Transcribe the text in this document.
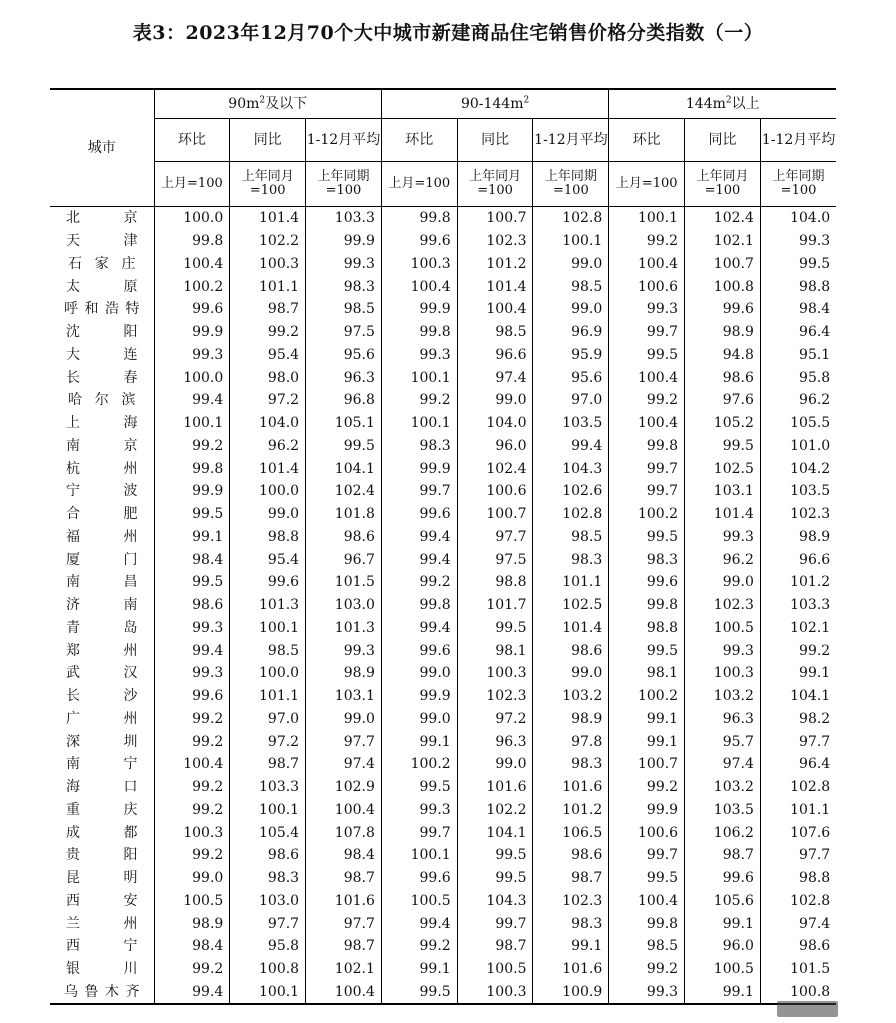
表3：2023年12月70个大中城市新建商品住宅销售价格分类指数（一）
城市	$90m^2$及以下			$90-144m^2$			$144m^2$以上		
	环比	同比	1-12月平均	环比	同比	1-12月平均	环比	同比	1-12月平均
	上月=100	上年同月=100	上年同期=100	上月=100	上年同月=100	上年同期=100	上月=100	上年同月=100	上年同期=100

北 京	100.0	101.4	103.3	99.8	100.7	102.8	100.1	102.4	104.0

天 津	99.8	102.2	99.9	99.6	102.3	100.1	99.2	102.1	99.3

石 家 庄	100.4	100.3	99.3	100.3	101.2	99.0	100.4	100.7	99.5

太 原	100.2	101.1	98.3	100.4	101.4	98.5	100.6	100.8	98.8

呼 和 浩 特	99.6	98.7	98.5	99.9	100.4	99.0	99.3	99.6	98.4

沈 阳	99.9	99.2	97.5	99.8	98.5	96.9	99.7	98.9	96.4

大 连	99.3	95.4	95.6	99.3	96.6	95.9	99.5	94.8	95.1

长 春	100.0	98.0	96.3	100.1	97.4	95.6	100.4	98.6	95.8

哈 尔 滨	99.4	97.2	96.8	99.2	99.0	97.0	99.2	97.6	96.2

上 海	100.1	104.0	105.1	100.1	104.0	103.5	100.4	105.2	105.5

南 京	99.2	96.2	99.5	98.3	96.0	99.4	99.8	99.5	101.0

杭 州	99.8	101.4	104.1	99.9	102.4	104.3	99.7	102.5	104.2

宁 波	99.9	100.0	102.4	99.7	100.6	102.6	99.7	103.1	103.5

合 肥	99.5	99.0	101.8	99.6	100.7	102.8	100.2	101.4	102.3

福 州	99.1	98.8	98.6	99.4	97.7	98.5	99.5	99.3	98.9

厦 门	98.4	95.4	96.7	99.4	97.5	98.3	98.3	96.2	96.6

南 昌	99.5	99.6	101.5	99.2	98.8	101.1	99.6	99.0	101.2

济 南	98.6	101.3	103.0	99.8	101.7	102.5	99.8	102.3	103.3

青 岛	99.3	100.1	101.3	99.4	99.5	101.4	98.8	100.5	102.1

郑 州	99.4	98.5	99.3	99.6	98.1	98.6	99.5	99.3	99.2

武 汉	99.3	100.0	98.9	99.0	100.3	99.0	98.1	100.3	99.1

长 沙	99.6	101.1	103.1	99.9	102.3	103.2	100.2	103.2	104.1

广 州	99.2	97.0	99.0	99.0	97.2	98.9	99.1	96.3	98.2

深 圳	99.2	97.2	97.7	99.1	96.3	97.8	99.1	95.7	97.7

南 宁	100.4	98.7	97.4	100.2	99.0	98.3	100.7	97.4	96.4

海 口	99.2	103.3	102.9	99.5	101.6	101.6	99.2	103.2	102.8

重 庆	99.2	100.1	100.4	99.3	102.2	101.2	99.9	103.5	101.1

成 都	100.3	105.4	107.8	99.7	104.1	106.5	100.6	106.2	107.6

贵 阳	99.2	98.6	98.4	100.1	99.5	98.6	99.7	98.7	97.7

昆 明	99.0	98.3	98.7	99.6	99.5	98.7	99.5	99.6	98.8

西 安	100.5	103.0	101.6	100.5	104.3	102.3	100.4	105.6	102.8

兰 州	98.9	97.7	97.7	99.4	99.7	98.3	99.8	99.1	97.4

西 宁	98.4	95.8	98.7	99.2	98.7	99.1	98.5	96.0	98.6

银 川	99.2	100.8	102.1	99.1	100.5	101.6	99.2	100.5	101.5

乌 鲁 木 齐	99.4	100.1	100.4	99.5	100.3	100.9	99.3	99.1	100.8
